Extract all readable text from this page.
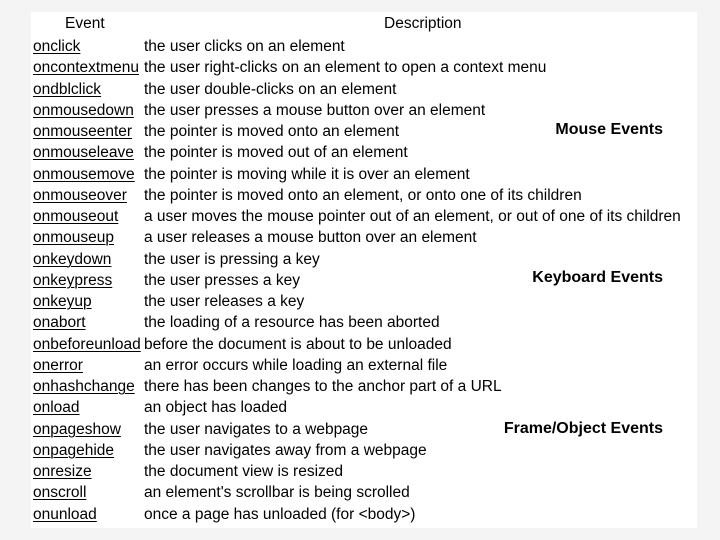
Event	Description
onclick	the user clicks on an element
oncontextmenu the user right-clicks on an element to open a context menu
ondblclick	the user double-clicks on an element
onmousedown the user presses a mouse button over an element
onmouseenter the pointer is moved onto an element
onmouseleave the pointer is moved out of an element
onmousemove the pointer is moving while it is over an element
onmouseover the pointer is moved onto an element, or onto one of its children
onmouseout a user moves the mouse pointer out of an element, or out of one of its children
onmouseup a user releases a mouse button over an element
onkeydown the user is pressing a key
onkeypress the user presses a key
onkeyup	the user releases a key
onabort	the loading of a resource has been aborted
onbeforeunload before the document is about to be unloaded
onerror	an error occurs while loading an external file
onhashchange there has been changes to the anchor part of a URL
onload	an object has loaded
onpageshow the user navigates to a webpage
onpagehide the user navigates away from a webpage
onresize	the document view is resized
onscroll	an element's scrollbar is being scrolled
onunload	once a page has unloaded (for <body>)
Mouse Events
Keyboard Events
Frame/Object Events
